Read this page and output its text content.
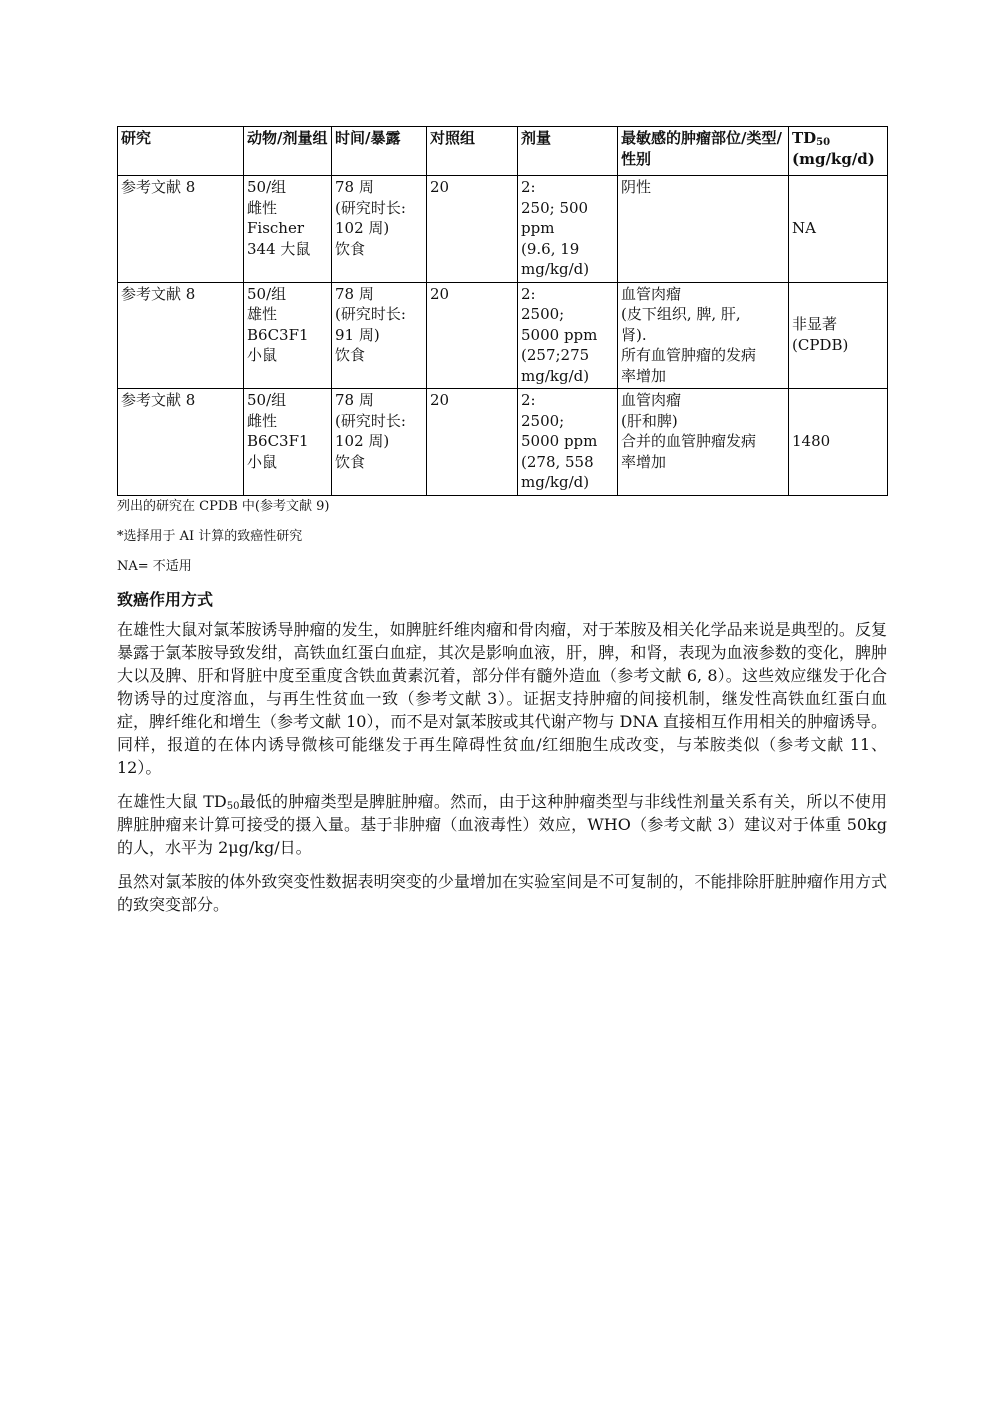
研究	动物/剂量组	时间/暴露	对照组	剂量	最敏感的肿瘤部位/类型/性别	$TD_{50}$
(mg/kg/d)
参考文献 8	50/组
雌性
Fischer
344 大鼠	78 周
(研究时长:
102 周)
饮食	20	2:
250; 500
ppm
(9.6, 19
mg/kg/d)	阴性	NA

参考文献 8	50/组
雄性
B6C3F1
小鼠	78 周
(研究时长:
91 周)
饮食	20	2:
2500;
5000 ppm
(257;275
mg/kg/d)	血管肉瘤
(皮下组织, 脾, 肝,
肾).
所有血管肿瘤的发病
率增加	非显著
(CPDB)

参考文献 8	50/组
雌性
B6C3F1
小鼠	78 周
(研究时长:
102 周)
饮食	20	2:
2500;
5000 ppm
(278, 558
mg/kg/d)	血管肉瘤
(肝和脾)
合并的血管肿瘤发病
率增加	1480

列出的研究在 CPDB 中(参考文献 9)

*选择用于 AI 计算的致癌性研究

NA= 不适用

致癌作用方式

在雄性大鼠对氯苯胺诱导肿瘤的发生，如脾脏纤维肉瘤和骨肉瘤，对于苯胺及相关化学品来说是典型的。反复暴露于氯苯胺导致发绀，高铁血红蛋白血症，其次是影响血液，肝，脾，和肾，表现为血液参数的变化，脾肿大以及脾、肝和肾脏中度至重度含铁血黄素沉着，部分伴有髓外造血（参考文献 6, 8）。这些效应继发于化合物诱导的过度溶血，与再生性贫血一致（参考文献 3）。证据支持肿瘤的间接机制，继发性高铁血红蛋白血症，脾纤维化和增生（参考文献 10），而不是对氯苯胺或其代谢产物与 DNA 直接相互作用相关的肿瘤诱导。同样，报道的在体内诱导微核可能继发于再生障碍性贫血/红细胞生成改变，与苯胺类似（参考文献 11、12）。

在雄性大鼠 $TD_{50}$最低的肿瘤类型是脾脏肿瘤。然而，由于这种肿瘤类型与非线性剂量关系有关，所以不使用脾脏肿瘤来计算可接受的摄入量。基于非肿瘤（血液毒性）效应，WHO（参考文献 3）建议对于体重 50kg 的人，水平为 2μg/kg/日。

虽然对氯苯胺的体外致突变性数据表明突变的少量增加在实验室间是不可复制的，不能排除肝脏肿瘤作用方式的致突变部分。
